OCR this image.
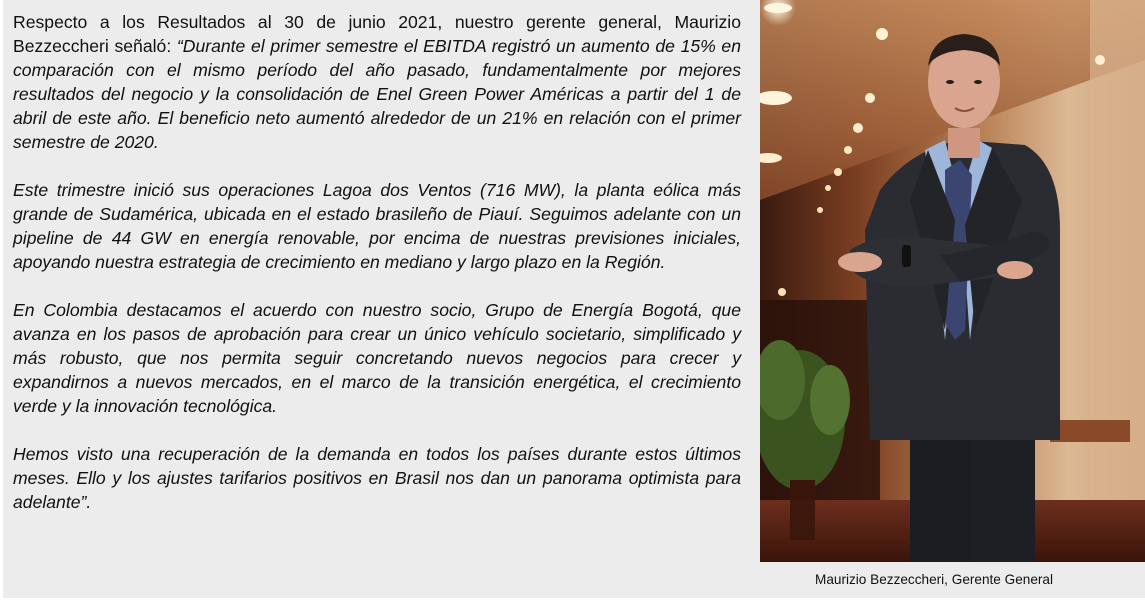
Respecto a los Resultados al 30 de junio 2021, nuestro gerente general, Maurizio Bezzeccheri señaló: “Durante el primer semestre el EBITDA registró un aumento de 15% en comparación con el mismo período del año pasado, fundamentalmente por mejores resultados del negocio y la consolidación de Enel Green Power Américas a partir del 1 de abril de este año. El beneficio neto aumentó alrededor de un 21% en relación con el primer semestre de 2020.

Este trimestre inició sus operaciones Lagoa dos Ventos (716 MW), la planta eólica más grande de Sudamérica, ubicada en el estado brasileño de Piauí. Seguimos adelante con un pipeline de 44 GW en energía renovable, por encima de nuestras previsiones iniciales, apoyando nuestra estrategia de crecimiento en mediano y largo plazo en la Región.

En Colombia destacamos el acuerdo con nuestro socio, Grupo de Energía Bogotá, que avanza en los pasos de aprobación para crear un único vehículo societario, simplificado y más robusto, que nos permita seguir concretando nuevos negocios para crecer y expandirnos a nuevos mercados, en el marco de la transición energética, el crecimiento verde y la innovación tecnológica.

Hemos visto una recuperación de la demanda en todos los países durante estos últimos meses. Ello y los ajustes tarifarios positivos en Brasil nos dan un panorama optimista para adelante”.

Maurizio Bezzeccheri, Gerente General
